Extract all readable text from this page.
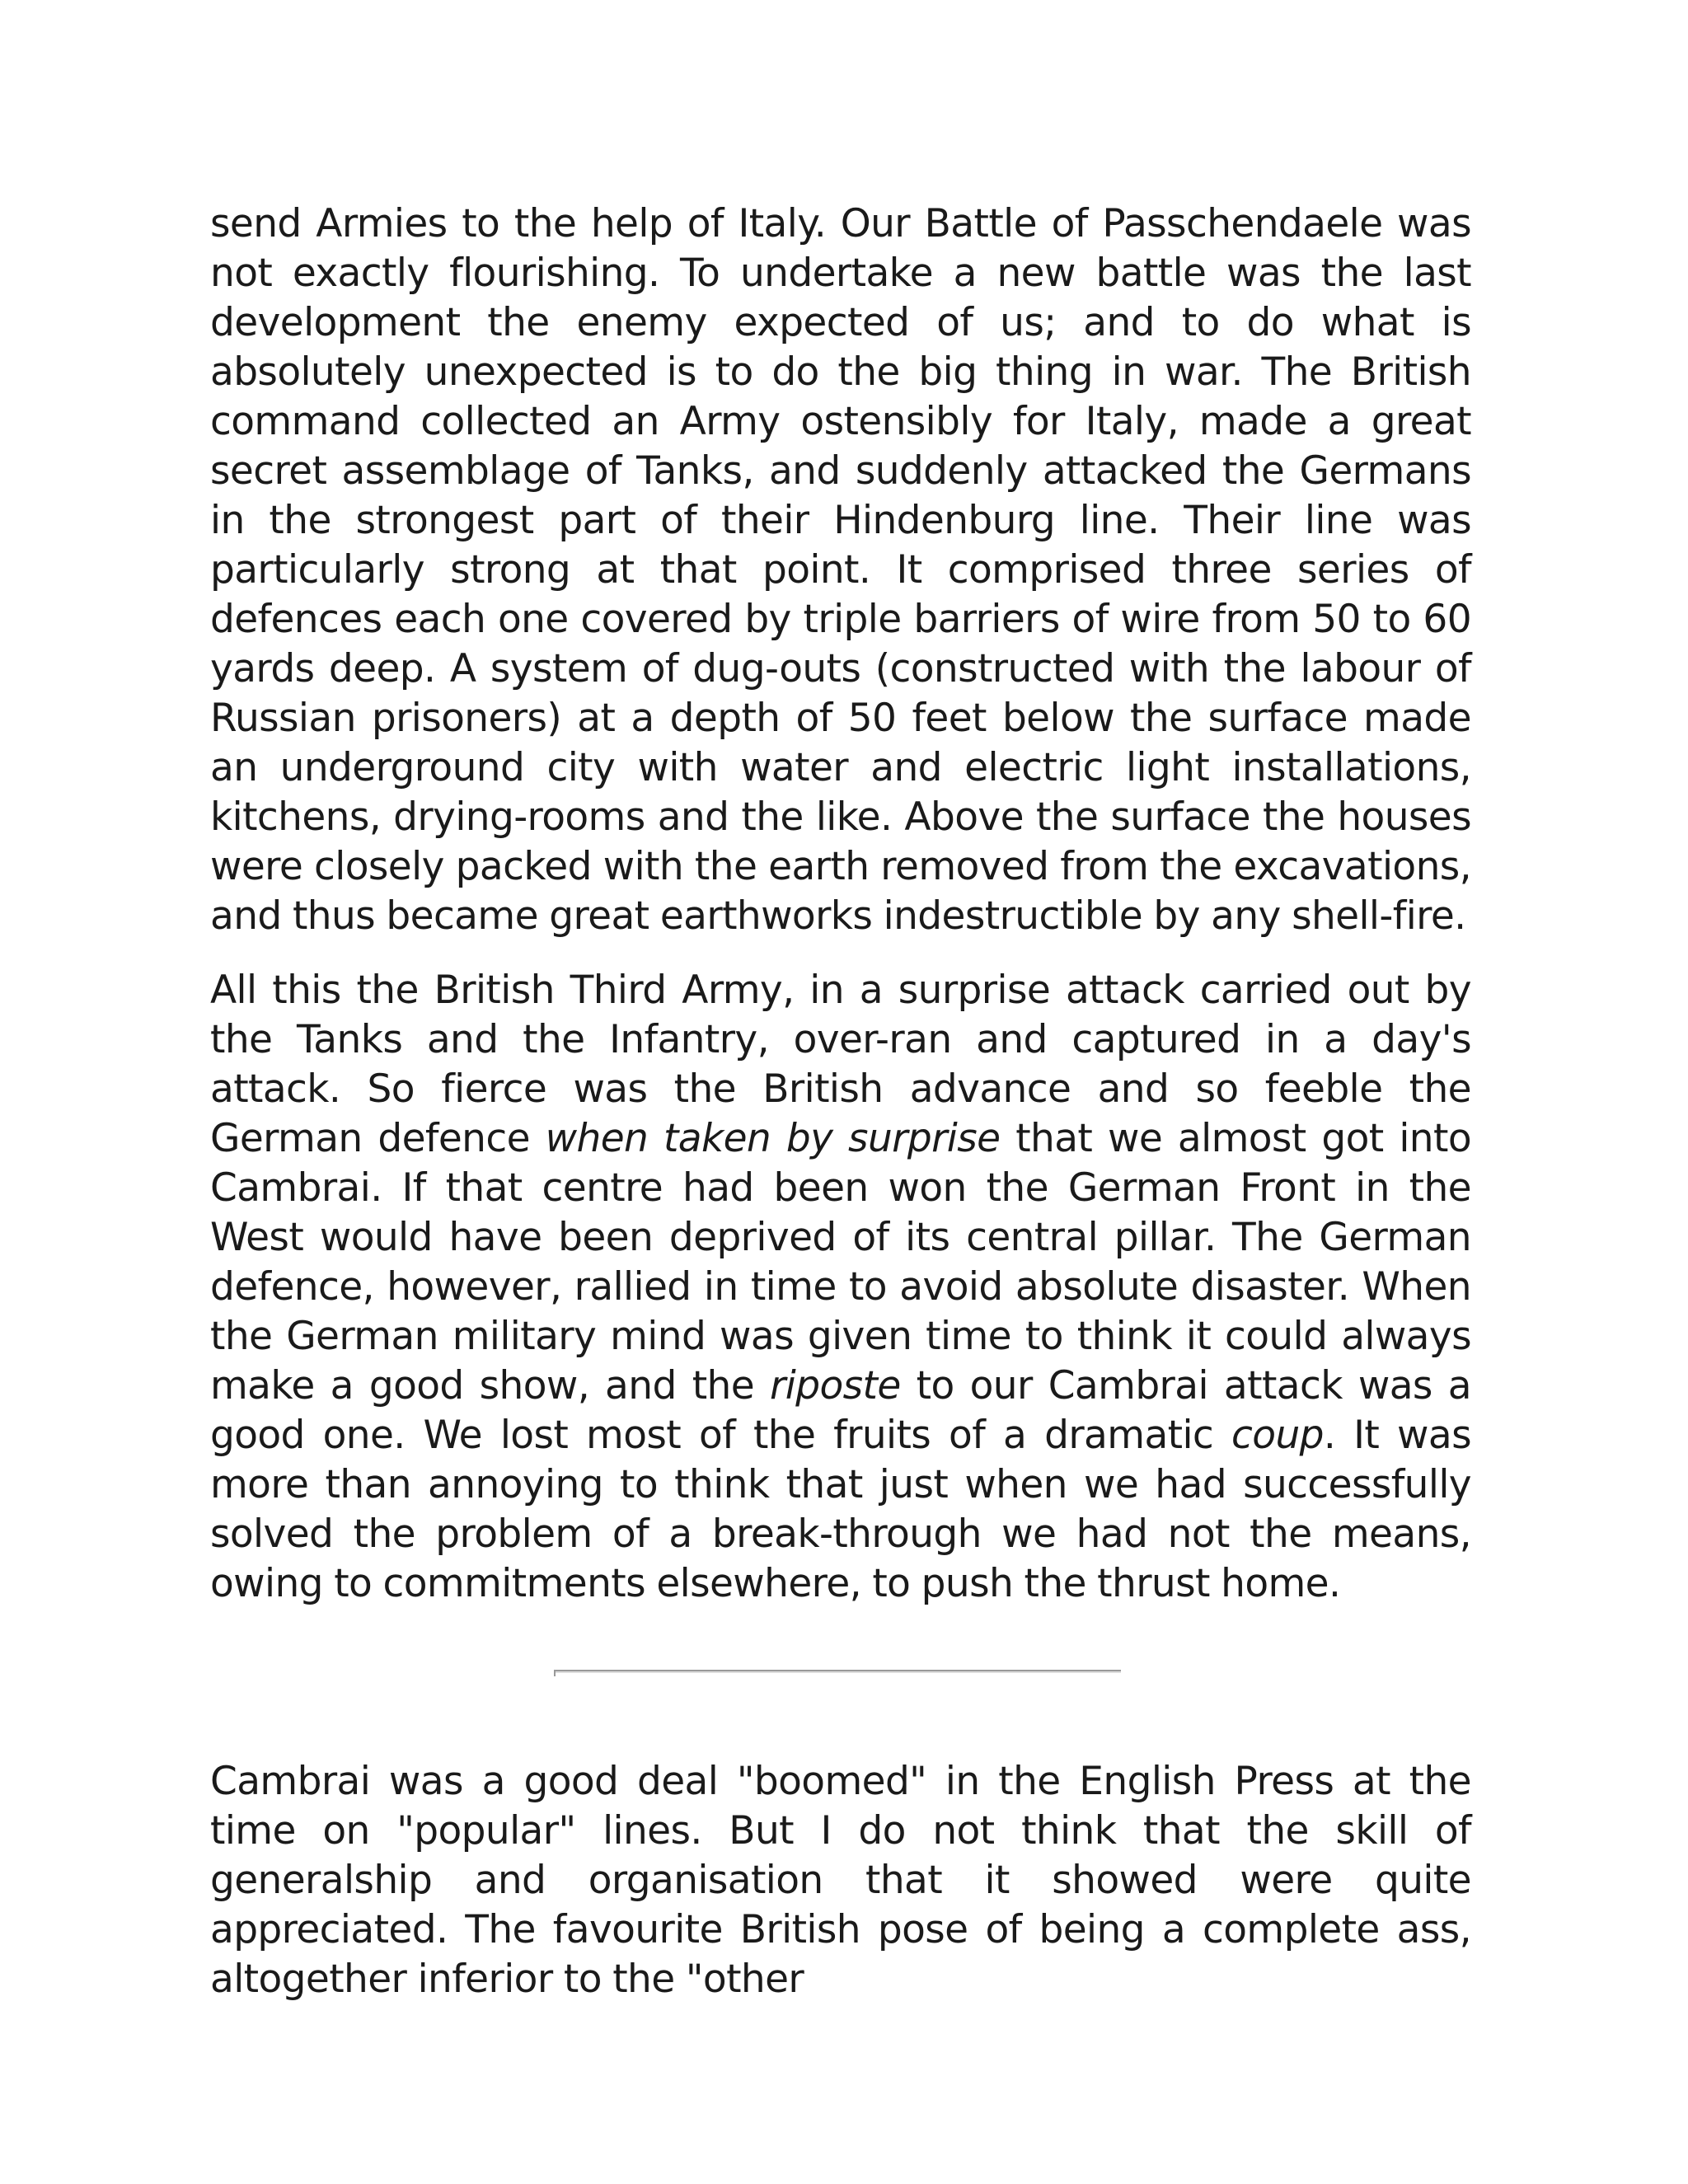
send Armies to the help of Italy. Our Battle of Passchendaele was not exactly flourishing. To undertake a new battle was the last development the enemy expected of us; and to do what is absolutely unexpected is to do the big thing in war. The British command collected an Army ostensibly for Italy, made a great secret assemblage of Tanks, and suddenly attacked the Germans in the strongest part of their Hindenburg line. Their line was particularly strong at that point. It comprised three series of defences each one covered by triple barriers of wire from 50 to 60 yards deep. A system of dug-outs (constructed with the labour of Russian prisoners) at a depth of 50 feet below the surface made an underground city with water and electric light installations, kitchens, drying-rooms and the like. Above the surface the houses were closely packed with the earth removed from the excavations, and thus became great earthworks indestructible by any shell-fire.

All this the British Third Army, in a surprise attack carried out by the Tanks and the Infantry, over-ran and captured in a day's attack. So fierce was the British advance and so feeble the German defence when taken by surprise that we almost got into Cambrai. If that centre had been won the German Front in the West would have been deprived of its central pillar. The German defence, however, rallied in time to avoid absolute disaster. When the German military mind was given time to think it could always make a good show, and the riposte to our Cambrai attack was a good one. We lost most of the fruits of a dramatic coup. It was more than annoying to think that just when we had successfully solved the problem of a break-through we had not the means, owing to commitments elsewhere, to push the thrust home.

Cambrai was a good deal "boomed" in the English Press at the time on "popular" lines. But I do not think that the skill of generalship and organisation that it showed were quite appreciated. The favourite British pose of being a complete ass, altogether inferior to the "other
